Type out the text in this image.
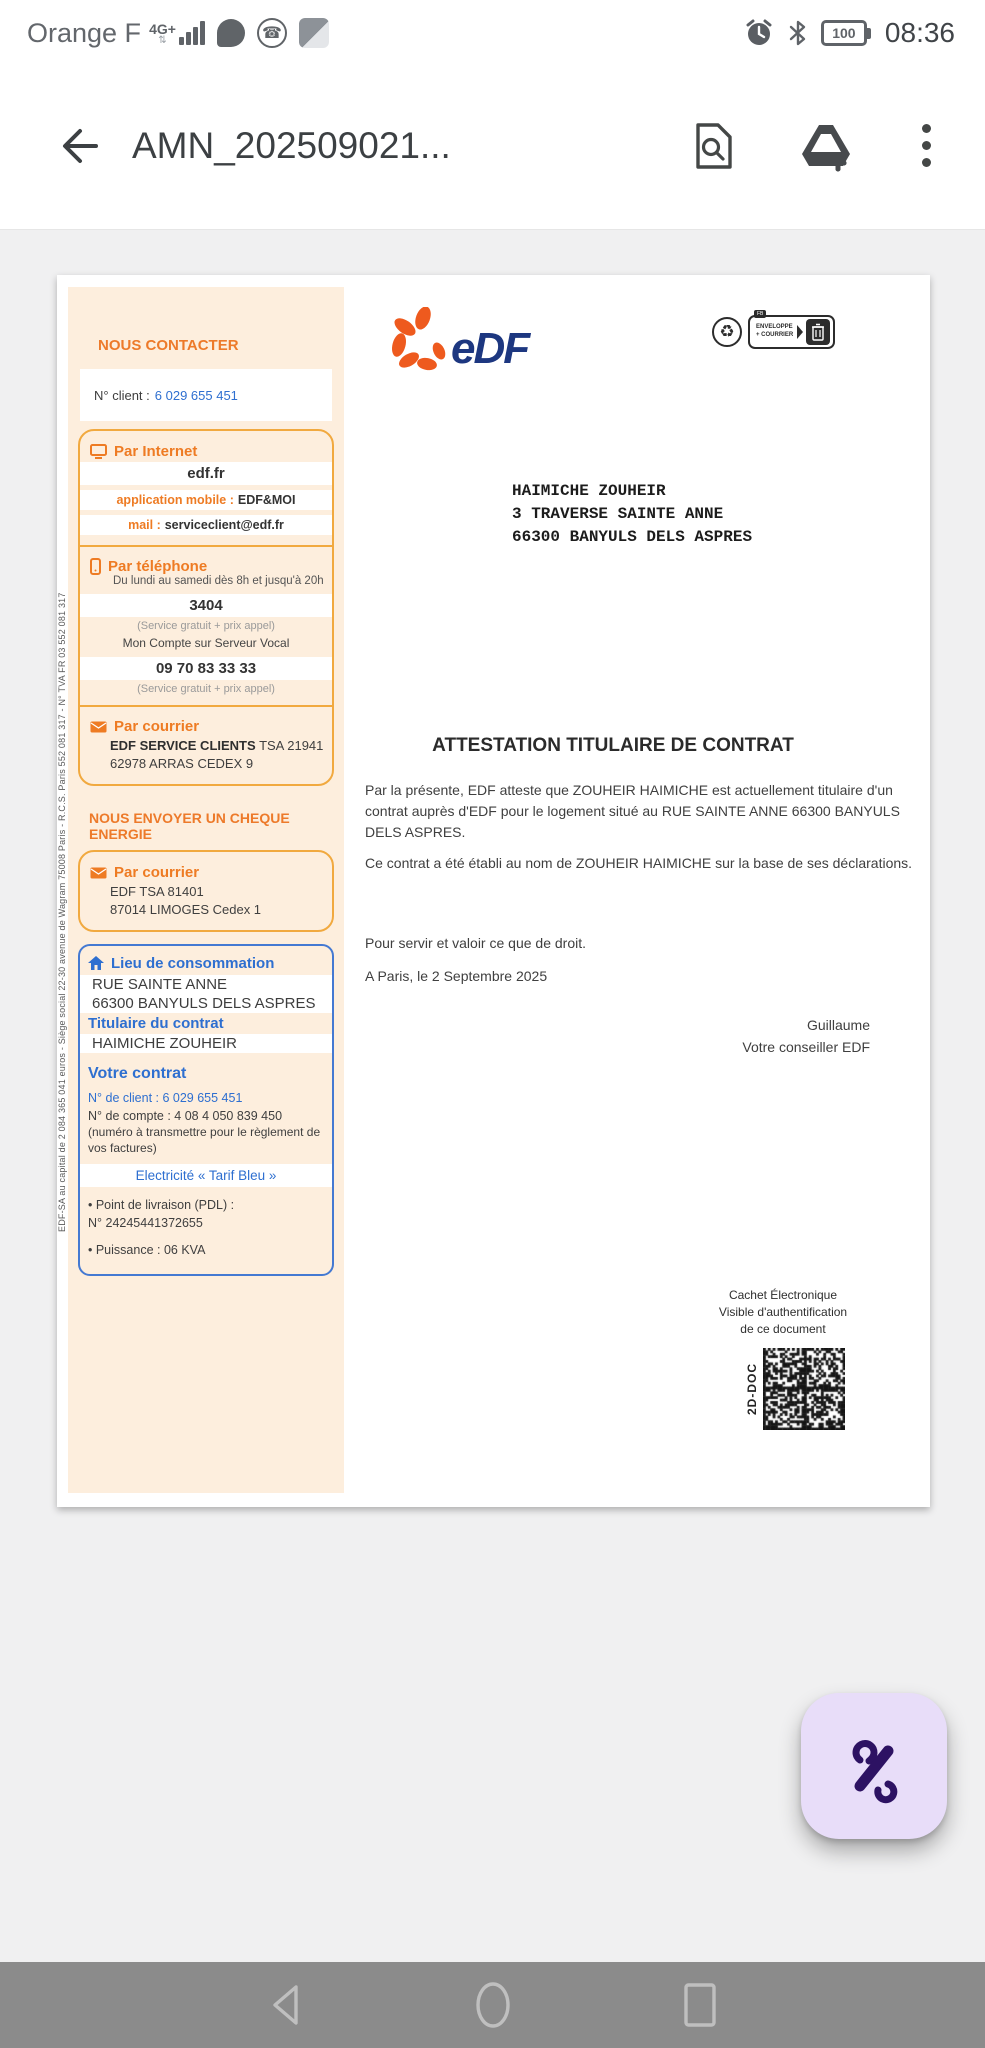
Orange F 4G+
⇅	☎	100	08:36
AMN_202509021...
EDF-SA au capital de 2 084 365 041 euros - Siège social 22-30 avenue de Wagram 75008 Paris - R.C.S. Paris 552 081 317 - N° TVA FR 03 552 081 317
NOUS CONTACTER
N° client : 6 029 655 451
Par Internet
edf.fr
application mobile : EDF&MOI
mail : serviceclient@edf.fr
Par téléphone
Du lundi au samedi dès 8h et jusqu'à 20h
3404
(Service gratuit + prix appel)
Mon Compte sur Serveur Vocal
09 70 83 33 33
(Service gratuit + prix appel)
Par courrier
EDF SERVICE CLIENTS TSA 21941
62978 ARRAS CEDEX 9
NOUS ENVOYER UN CHEQUE ENERGIE
Par courrier
EDF TSA 81401
87014 LIMOGES Cedex 1
Lieu de consommation
RUE SAINTE ANNE
66300 BANYULS DELS ASPRES
Titulaire du contrat
HAIMICHE ZOUHEIR
Votre contrat
N° de client : 6 029 655 451
N° de compte : 4 08 4 050 839 450
(numéro à transmettre pour le règlement de vos factures)
Electricité « Tarif Bleu »
• Point de livraison (PDL) :
N° 24245441372655
• Puissance : 06 KVA
eDF	♻
FB
ENVELOPPE
+ COURRIER
HAIMICHE ZOUHEIR
3 TRAVERSE SAINTE ANNE
66300 BANYULS DELS ASPRES
ATTESTATION TITULAIRE DE CONTRAT

Par la présente, EDF atteste que ZOUHEIR HAIMICHE est actuellement titulaire d'un contrat auprès d'EDF pour le logement situé au RUE SAINTE ANNE 66300 BANYULS DELS ASPRES.

Ce contrat a été établi au nom de ZOUHEIR HAIMICHE sur la base de ses déclarations.

Pour servir et valoir ce que de droit.

A Paris, le 2 Septembre 2025

Guillaume
Votre conseiller EDF
Cachet Électronique
Visible d'authentification
de ce document
2D-DOC
